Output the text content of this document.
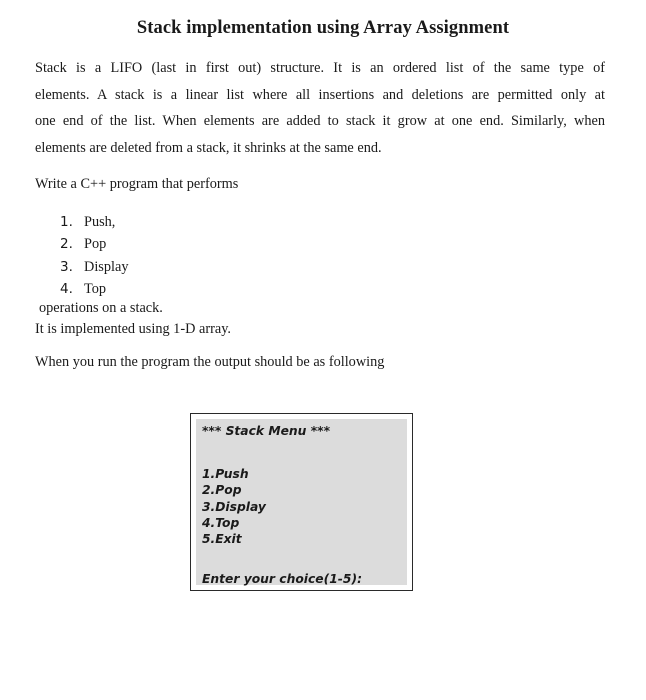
Stack implementation using Array Assignment
Stack is a LIFO (last in first out) structure. It is an ordered list of the same type of
elements. A stack is a linear list where all insertions and deletions are permitted only at
one end of the list. When elements are added to stack it grow at one end. Similarly, when
elements are deleted from a stack, it shrinks at the same end.
Write a C++ program that performs
1. Push,
2. Pop
3. Display
4. Top
operations on a stack.
It is implemented using 1-D array.
When you run the program the output should be as following
*** Stack Menu ***
1.Push
2.Pop
3.Display
4.Top
5.Exit
Enter your choice(1-5):
